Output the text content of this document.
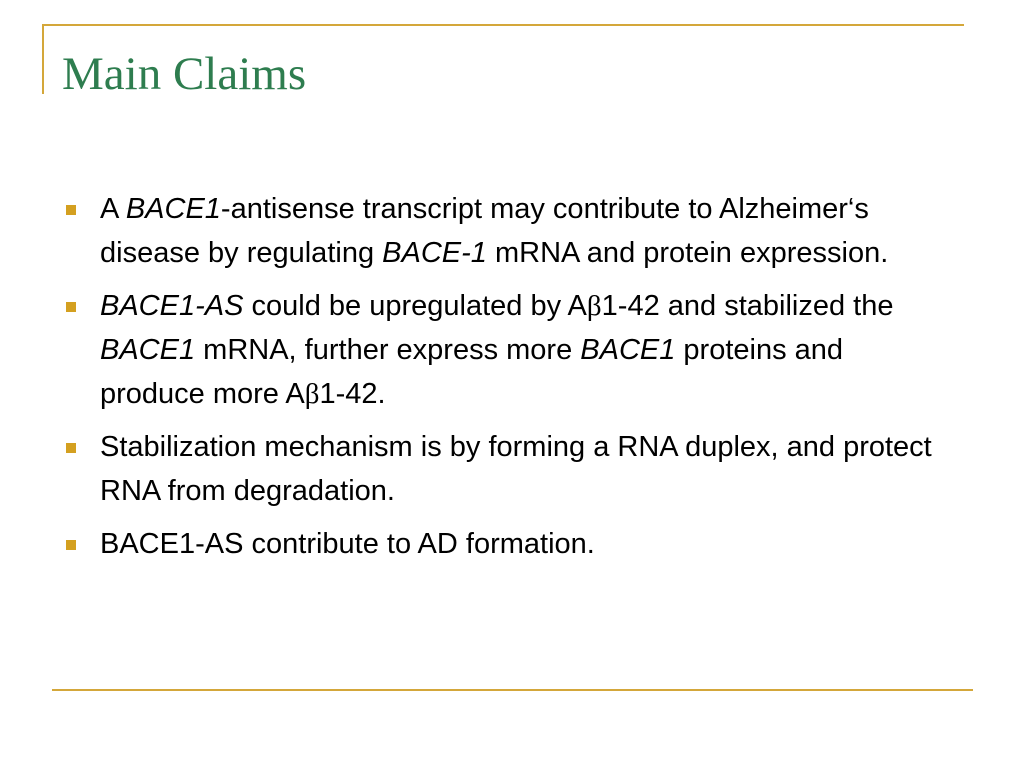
Main Claims
A BACE1-antisense transcript may contribute to Alzheimer‘s disease by regulating BACE-1 mRNA and protein expression.
BACE1-AS could be upregulated by Aβ1-42 and stabilized the BACE1 mRNA, further express more BACE1 proteins and produce more Aβ1-42.
Stabilization mechanism is by forming a RNA duplex, and protect RNA from degradation.
BACE1-AS contribute to AD formation.
